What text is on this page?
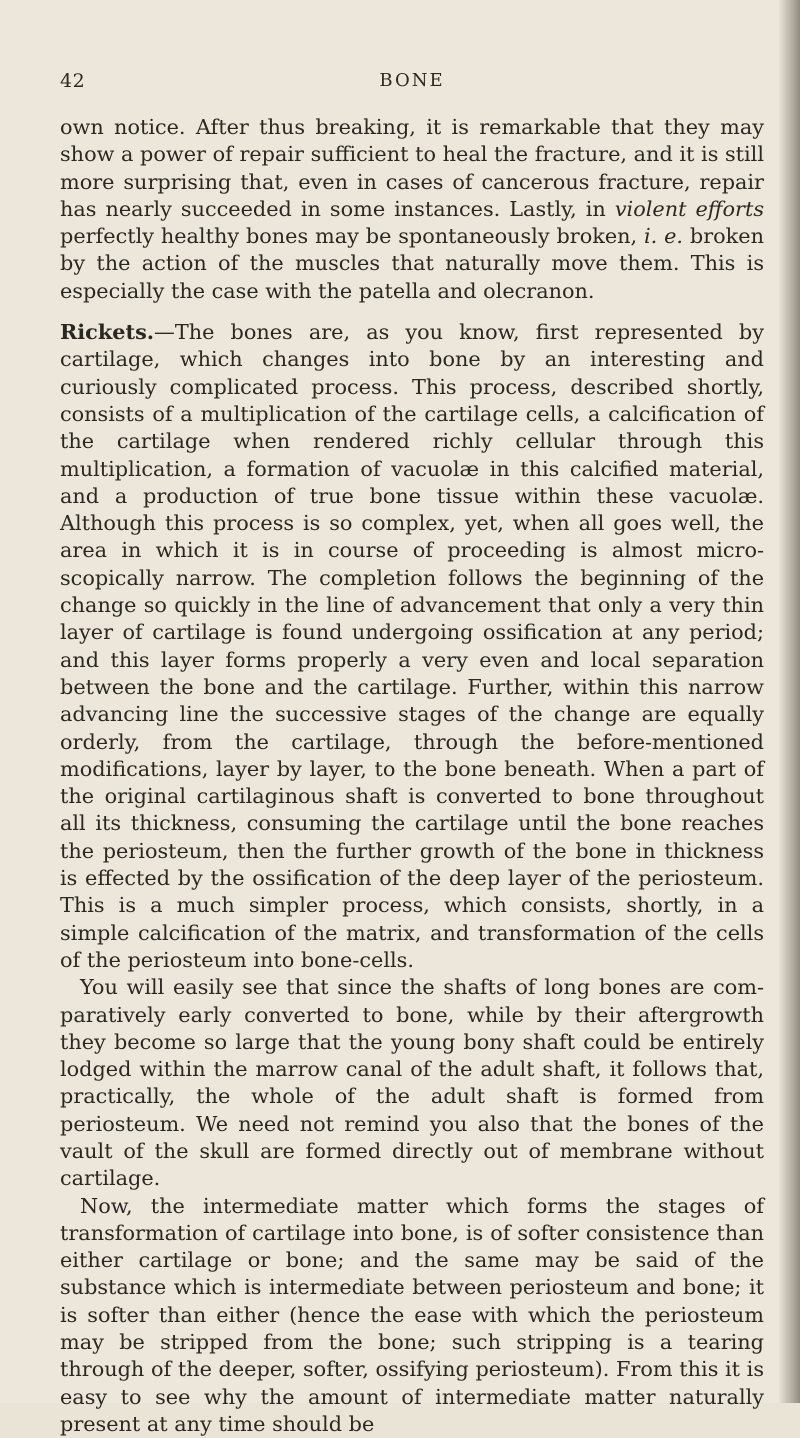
42	BONE

own notice. After thus breaking, it is remarkable that they may show a power of repair sufficient to heal the fracture, and it is still more surprising that, even in cases of cancerous fracture, repair has nearly succeeded in some instances. Lastly, in violent efforts perfectly healthy bones may be spontaneously broken, i. e. broken by the action of the muscles that naturally move them. This is especially the case with the patella and olecranon.

Rickets.—The bones are, as you know, first represented by cartilage, which changes into bone by an interesting and curiously complicated process. This process, described shortly, consists of a multiplication of the cartilage cells, a calcification of the cartilage when rendered richly cellular through this multiplication, a formation of vacuolæ in this calcified material, and a production of true bone tissue within these vacuolæ. Although this process is so complex, yet, when all goes well, the area in which it is in course of proceeding is almost microscopically narrow. The completion follows the beginning of the change so quickly in the line of advancement that only a very thin layer of cartilage is found undergoing ossification at any period; and this layer forms properly a very even and local separation between the bone and the cartilage. Further, within this narrow advancing line the successive stages of the change are equally orderly, from the cartilage, through the before-mentioned modifications, layer by layer, to the bone beneath. When a part of the original cartilaginous shaft is converted to bone throughout all its thickness, consuming the cartilage until the bone reaches the periosteum, then the further growth of the bone in thickness is effected by the ossification of the deep layer of the periosteum. This is a much simpler process, which consists, shortly, in a simple calcification of the matrix, and transformation of the cells of the periosteum into bone-cells.

You will easily see that since the shafts of long bones are comparatively early converted to bone, while by their aftergrowth they become so large that the young bony shaft could be entirely lodged within the marrow canal of the adult shaft, it follows that, practically, the whole of the adult shaft is formed from periosteum. We need not remind you also that the bones of the vault of the skull are formed directly out of membrane without cartilage.

Now, the intermediate matter which forms the stages of transformation of cartilage into bone, is of softer consistence than either cartilage or bone; and the same may be said of the substance which is intermediate between periosteum and bone; it is softer than either (hence the ease with which the periosteum may be stripped from the bone; such stripping is a tearing through of the deeper, softer, ossifying periosteum). From this it is easy to see why the amount of intermediate matter naturally present at any time should be
